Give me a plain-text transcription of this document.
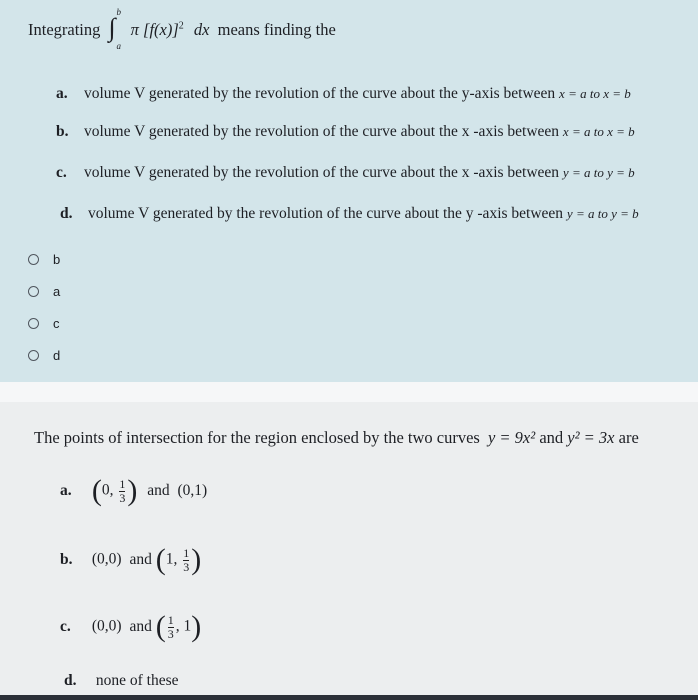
Integrating ∫
b
a
π $[f(x)]^2$ dx means finding the
a. volume V generated by the revolution of the curve about the y-axis between x = a to x = b
b. volume V generated by the revolution of the curve about the x -axis between x = a to x = b
c. volume V generated by the revolution of the curve about the x -axis between y = a to y = b
d. volume V generated by the revolution of the curve about the y -axis between y = a to y = b
b
a
c
d
The points of intersection for the region enclosed by the two curves y = 9x² and y² = 3x are
a. (0, $\frac{1}{3}$ ) and (0,1)
b. (0,0) and (1, $\frac{1}{3}$ )
c. (0,0) and ( $\frac{1}{3}$ , 1)
d. none of these
